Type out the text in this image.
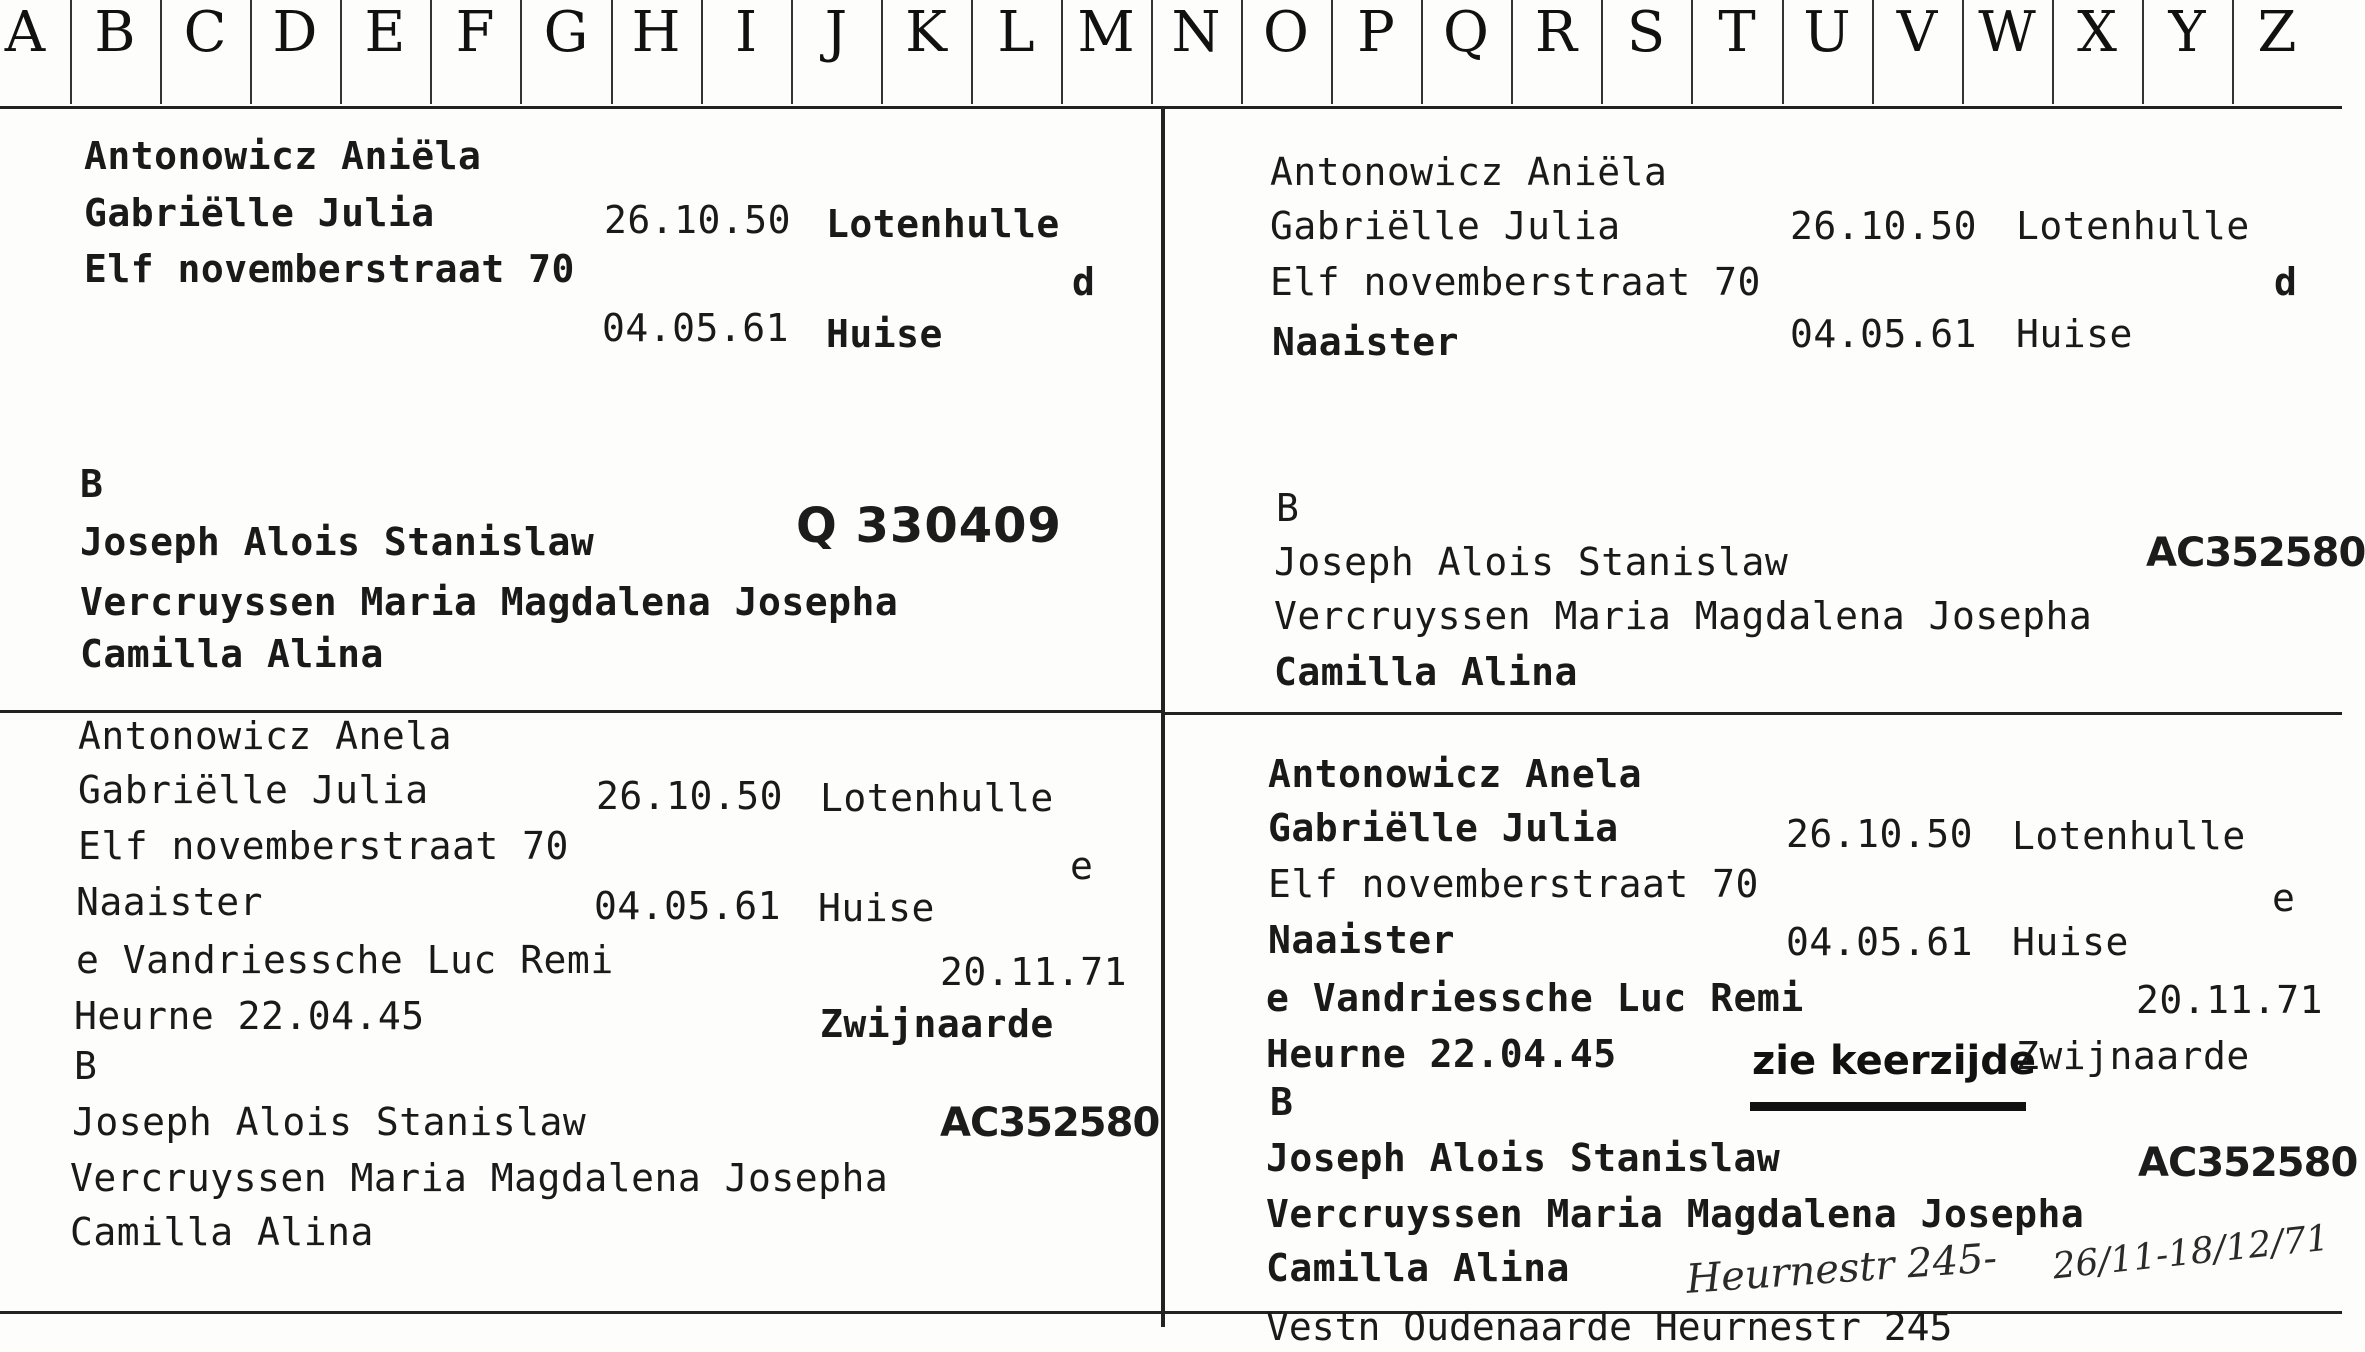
A B C D E F G H I	J	K L M N O P Q R S T U V W X Y Z
Antonowicz Aniëla
Gabriëlle Julia	26.10.50 Lotenhulle
Elf novemberstraat 70	d
04.05.61 Huise
B
Joseph Alois Stanislaw	Q 330409
Vercruyssen Maria Magdalena Josepha
Camilla Alina
Antonowicz Aniëla
Gabriëlle Julia	26.10.50 Lotenhulle
Elf novemberstraat 70	d
Naaister	04.05.61 Huise
B
Joseph Alois Stanislaw	AC352580
Vercruyssen Maria Magdalena Josepha
Camilla Alina
Antonowicz Anela
Gabriëlle Julia	26.10.50 Lotenhulle
Elf novemberstraat 70	e
Naaister	04.05.61 Huise
e Vandriessche Luc Remi	20.11.71
Heurne 22.04.45	Zwijnaarde
B
Joseph Alois Stanislaw	AC352580
Vercruyssen Maria Magdalena Josepha
Camilla Alina
Antonowicz Anela
Gabriëlle Julia	26.10.50 Lotenhulle
Elf novemberstraat 70	e
Naaister	04.05.61 Huise
e Vandriessche Luc Remi	20.11.71
Heurne 22.04.45	Zwijnaarde
zie keerzijde
B
Joseph Alois Stanislaw	AC352580
Vercruyssen Maria Magdalena Josepha
Camilla Alina	Heurnestr 245- 26/11-18/12/71
Vestn Oudenaarde Heurnestr 245
